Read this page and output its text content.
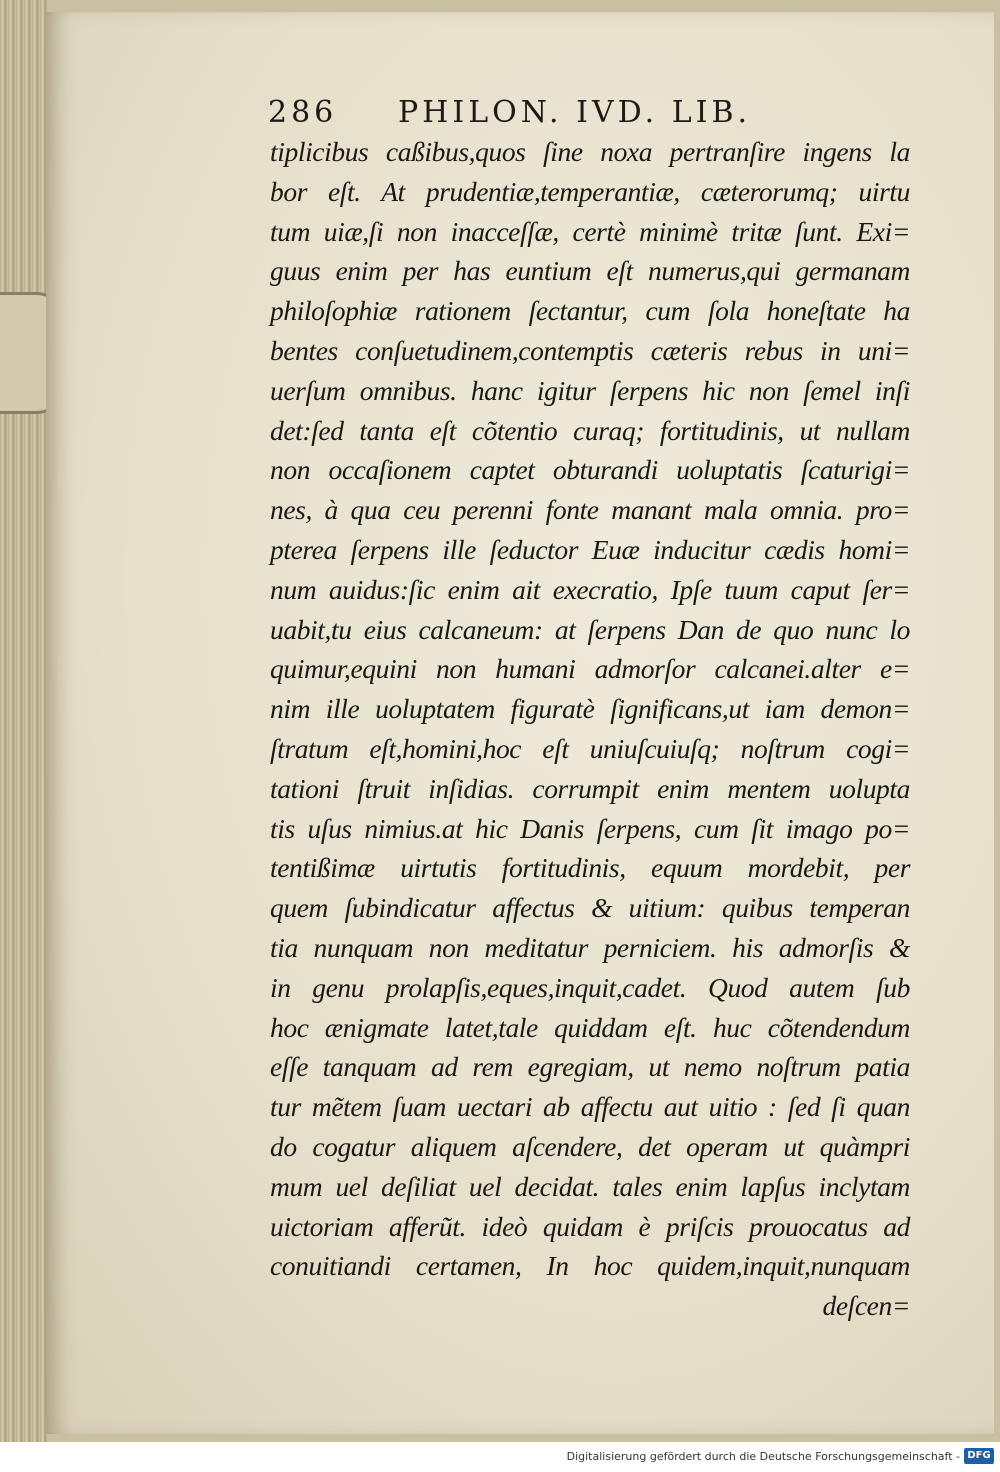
286 PHILON. IVD. LIB.
tiplicibus caßibus,quos ſine noxa pertranſire ingens la
bor eſt. At prudentiæ,temperantiæ, cæterorumq; uirtu
tum uiæ,ſi non inacceſſæ, certè minimè tritæ ſunt. Exi=
guus enim per has euntium eſt numerus,qui germanam
philoſophiæ rationem ſectantur, cum ſola honeſtate ha
bentes conſuetudinem,contemptis cæteris rebus in uni=
uerſum omnibus. hanc igitur ſerpens hic non ſemel inſi
det:ſed tanta eſt cõtentio curaq; fortitudinis, ut nullam
non occaſionem captet obturandi uoluptatis ſcaturigi=
nes, à qua ceu perenni fonte manant mala omnia. pro=
pterea ſerpens ille ſeductor Euæ inducitur cædis homi=
num auidus:ſic enim ait execratio, Ipſe tuum caput ſer=
uabit,tu eius calcaneum: at ſerpens Dan de quo nunc lo
quimur,equini non humani admorſor calcanei.alter e=
nim ille uoluptatem figuratè ſignificans,ut iam demon=
ſtratum eſt,homini,hoc eſt uniuſcuiuſq; noſtrum cogi=
tationi ſtruit inſidias. corrumpit enim mentem uolupta
tis uſus nimius.at hic Danis ſerpens, cum ſit imago po=
tentißimæ uirtutis fortitudinis, equum mordebit, per
quem ſubindicatur affectus & uitium: quibus temperan
tia nunquam non meditatur perniciem. his admorſis &
in genu prolapſis,eques,inquit,cadet. Quod autem ſub
hoc ænigmate latet,tale quiddam eſt. huc cõtendendum
eſſe tanquam ad rem egregiam, ut nemo noſtrum patia
tur mẽtem ſuam uectari ab affectu aut uitio : ſed ſi quan
do cogatur aliquem aſcendere, det operam ut quàmpri
mum uel deſiliat uel decidat. tales enim lapſus inclytam
uictoriam afferũt. ideò quidam è priſcis prouocatus ad
conuitiandi certamen, In hoc quidem,inquit,nunquam
deſcen=
Digitalisierung gefördert durch die Deutsche Forschungsgemeinschaft - DFG
